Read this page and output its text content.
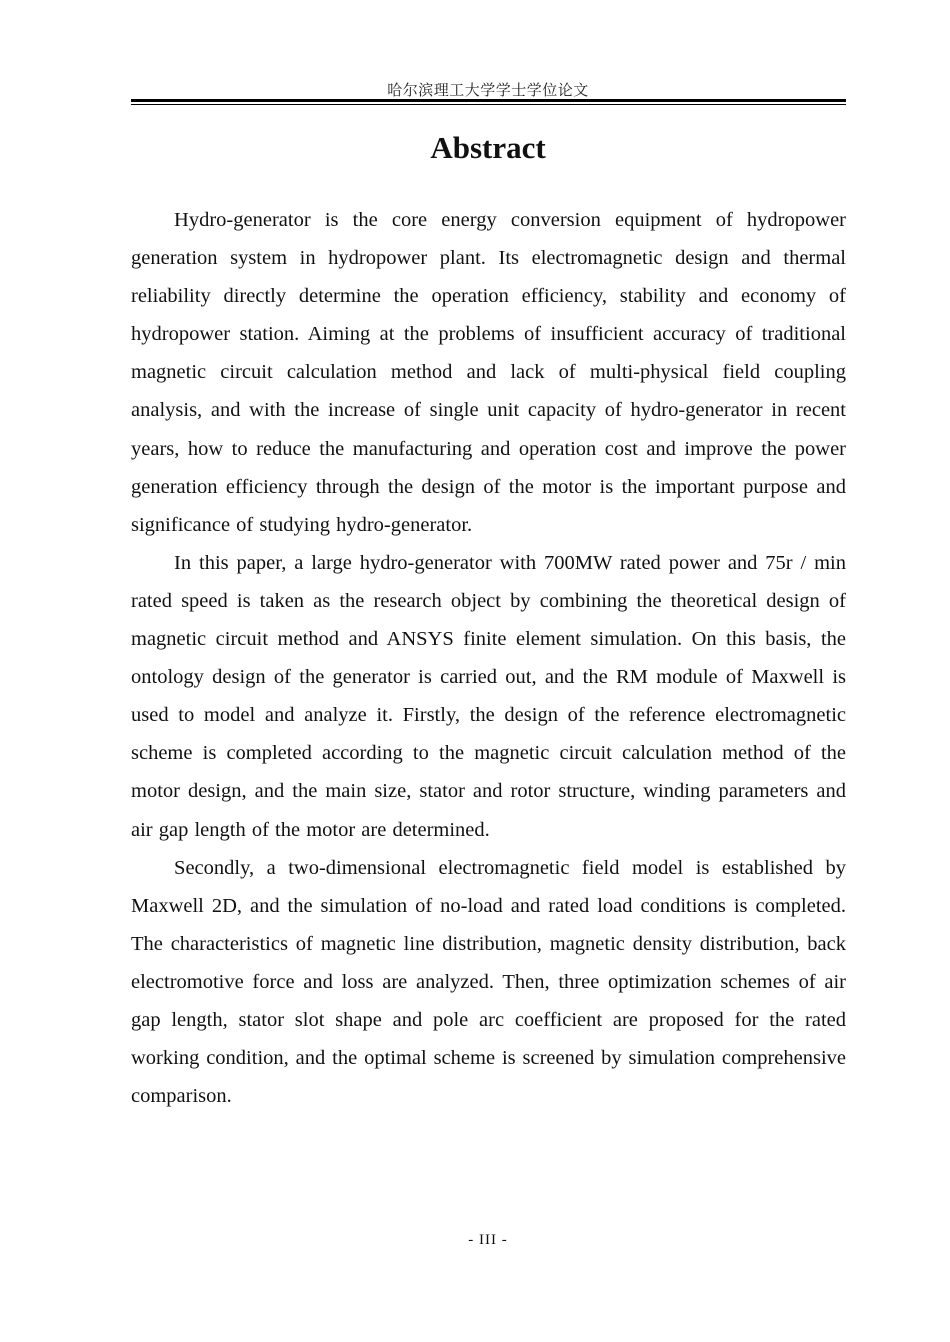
哈尔滨理工大学学士学位论文
Abstract

Hydro-generator is the core energy conversion equipment of hydropower generation system in hydropower plant. Its electromagnetic design and thermal reliability directly determine the operation efficiency, stability and economy of hydropower station. Aiming at the problems of insufficient accuracy of traditional magnetic circuit calculation method and lack of multi-physical field coupling analysis, and with the increase of single unit capacity of hydro-generator in recent years, how to reduce the manufacturing and operation cost and improve the power generation efficiency through the design of the motor is the important purpose and significance of studying hydro-generator.

In this paper, a large hydro-generator with 700MW rated power and 75r / min rated speed is taken as the research object by combining the theoretical design of magnetic circuit method and ANSYS finite element simulation. On this basis, the ontology design of the generator is carried out, and the RM module of Maxwell is used to model and analyze it. Firstly, the design of the reference electromagnetic scheme is completed according to the magnetic circuit calculation method of the motor design, and the main size, stator and rotor structure, winding parameters and air gap length of the motor are determined.

Secondly, a two-dimensional electromagnetic field model is established by Maxwell 2D, and the simulation of no-load and rated load conditions is completed. The characteristics of magnetic line distribution, magnetic density distribution, back electromotive force and loss are analyzed. Then, three optimization schemes of air gap length, stator slot shape and pole arc coefficient are proposed for the rated working condition, and the optimal scheme is screened by simulation comprehensive comparison.

- III -
